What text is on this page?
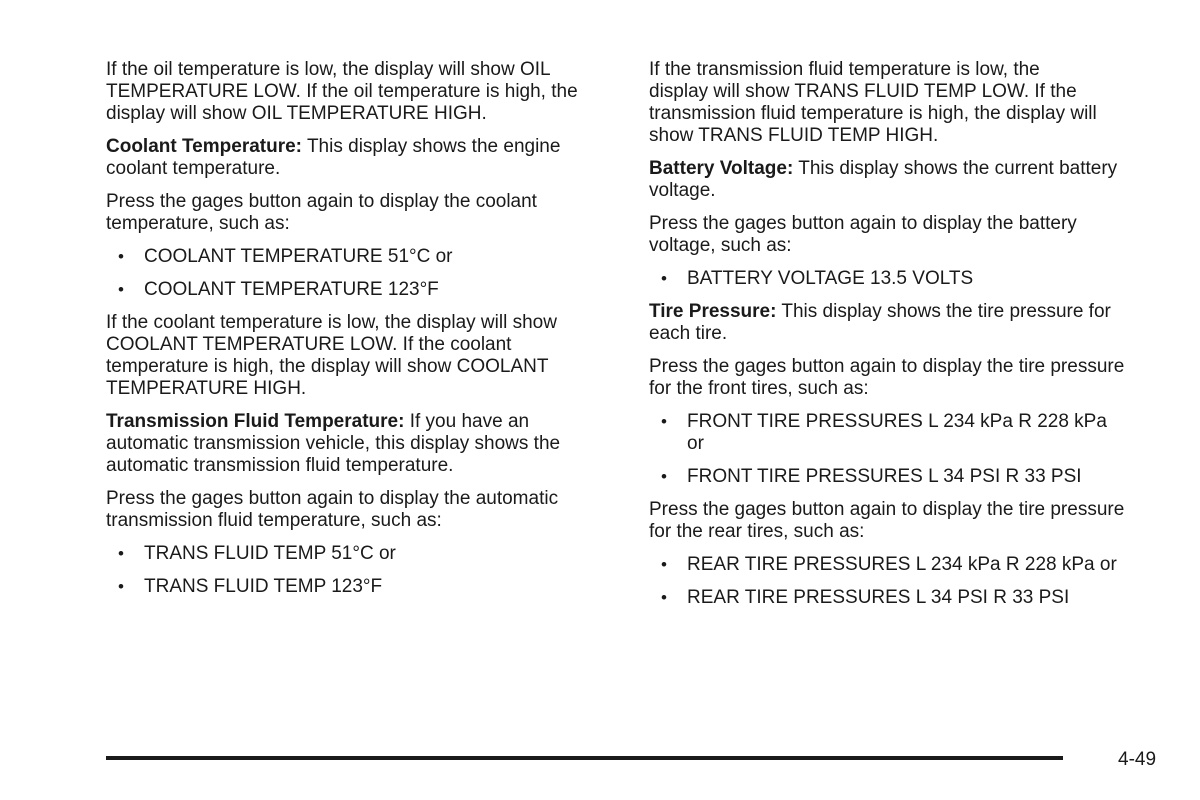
If the oil temperature is low, the display will show OIL
TEMPERATURE LOW. If the oil temperature is high, the
display will show OIL TEMPERATURE HIGH.

Coolant Temperature: This display shows the engine
coolant temperature.

Press the gages button again to display the coolant
temperature, such as:

• COOLANT TEMPERATURE 51°C or
• COOLANT TEMPERATURE 123°F

If the coolant temperature is low, the display will show
COOLANT TEMPERATURE LOW. If the coolant
temperature is high, the display will show COOLANT
TEMPERATURE HIGH.

Transmission Fluid Temperature: If you have an
automatic transmission vehicle, this display shows the
automatic transmission fluid temperature.

Press the gages button again to display the automatic
transmission fluid temperature, such as:

• TRANS FLUID TEMP 51°C or
• TRANS FLUID TEMP 123°F

If the transmission fluid temperature is low, the
display will show TRANS FLUID TEMP LOW. If the
transmission fluid temperature is high, the display will
show TRANS FLUID TEMP HIGH.

Battery Voltage: This display shows the current battery
voltage.

Press the gages button again to display the battery
voltage, such as:

• BATTERY VOLTAGE 13.5 VOLTS

Tire Pressure: This display shows the tire pressure for
each tire.

Press the gages button again to display the tire pressure
for the front tires, such as:

• FRONT TIRE PRESSURES L 234 kPa R 228 kPa
or
• FRONT TIRE PRESSURES L 34 PSI R 33 PSI

Press the gages button again to display the tire pressure
for the rear tires, such as:

• REAR TIRE PRESSURES L 234 kPa R 228 kPa or
• REAR TIRE PRESSURES L 34 PSI R 33 PSI
4-49
